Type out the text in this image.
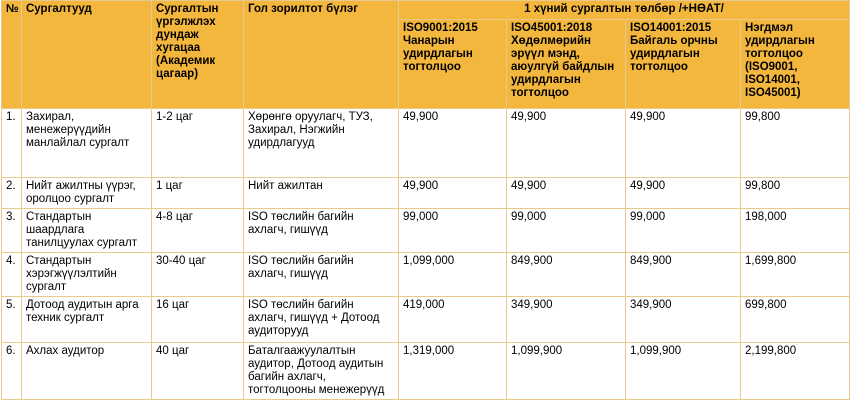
№	Сургалтууд	Сургалтын үргэлжлэх дундаж хугацаа (Академик цагаар)	Гол зорилтот бүлэг	1 хүний сургалтын төлбөр /+НӨАТ/			
				ISO9001:2015 Чанарын удирдлагын тогтолцоо	ISO45001:2018 Хөдөлмөрийн эрүүл мэнд, аюулгүй байдлын удирдлагын тогтолцоо	ISO14001:2015 Байгаль орчны удирдлагын тогтолцоо	Нэгдмэл удирдлагын тогтолцоо (ISO9001, ISO14001, ISO45001)
1.	Захирал, менежерүүдийн манлайлал сургалт	1-2 цаг	Хөрөнгө оруулагч, ТУЗ, Захирал, Нэгжийн удирдлагууд	49,900	49,900	49,900	99,800
2.	Нийт ажилтны үүрэг, оролцоо сургалт	1 цаг	Нийт ажилтан	49,900	49,900	49,900	99,800
3.	Стандартын шаардлага танилцуулах сургалт	4-8 цаг	ISO төслийн багийн ахлагч, гишүүд	99,000	99,000	99,000	198,000
4.	Стандартын хэрэгжүүлэлтийн сургалт	30-40 цаг	ISO төслийн багийн ахлагч, гишүүд	1,099,000	849,900	849,900	1,699,800
5.	Дотоод аудитын арга техник сургалт	16 цаг	ISO төслийн багийн ахлагч, гишүүд + Дотоод аудиторууд	419,000	349,900	349,900	699,800
6.	Ахлах аудитор	40 цаг	Баталгаажуулалтын аудитор, Дотоод аудитын багийн ахлагч, тогтолцооны менежерүүд	1,319,000	1,099,900	1,099,900	2,199,800
